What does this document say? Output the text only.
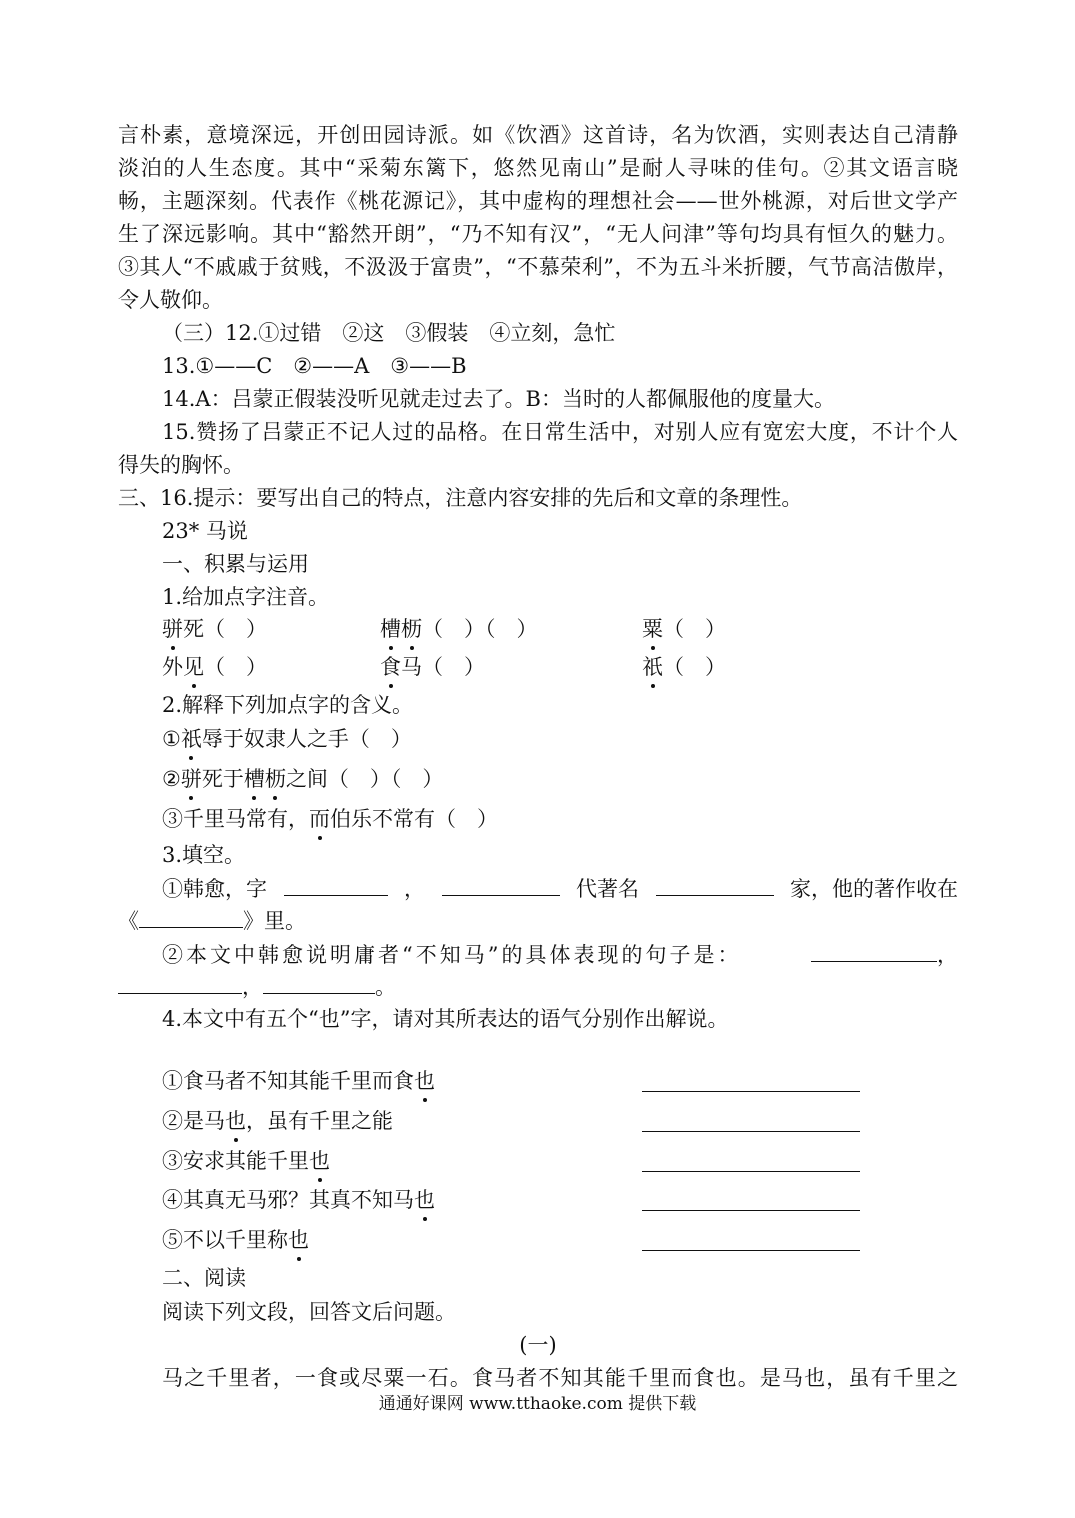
言朴素，意境深远，开创田园诗派。如《饮酒》这首诗，名为饮酒，实则表达自己清静
淡泊的人生态度。其中“采菊东篱下，悠然见南山”是耐人寻味的佳句。②其文语言晓
畅，主题深刻。代表作《桃花源记》，其中虚构的理想社会——世外桃源，对后世文学产
生了深远影响。其中“豁然开朗”，“乃不知有汉”，“无人问津”等句均具有恒久的魅力。
③其人“不戚戚于贫贱，不汲汲于富贵”，“不慕荣利”，不为五斗米折腰，气节高洁傲岸，
令人敬仰。
（三）12.①过错　②这　③假装　④立刻，急忙
13.①——C　②——A　③——B
14.A：吕蒙正假装没听见就走过去了。B：当时的人都佩服他的度量大。
15.赞扬了吕蒙正不记人过的品格。在日常生活中，对别人应有宽宏大度，不计个人
得失的胸怀。
三、16.提示：要写出自己的特点，注意内容安排的先后和文章的条理性。
23* 马说
一、积累与运用
1.给加点字注音。
骈死（　）	槽枥（　）（　）	粟（　）
外见（　）	食马（　）	祇（　）
2.解释下列加点字的含义。
①祇辱于奴隶人之手（　）
②骈死于槽枥之间（　）（　）
③千里马常有，而伯乐不常有（　）
3.填空。
①韩愈，字	，	代著名	家，他的著作收在
《	》里。
②本文中韩愈说明庸者“不知马”的具体表现的句子是：	，
，	。
4.本文中有五个“也”字，请对其所表达的语气分别作出解说。
①食马者不知其能千里而食也
②是马也，虽有千里之能
③安求其能千里也
④其真无马邪？其真不知马也
⑤不以千里称也
二、阅读
阅读下列文段，回答文后问题。
(一)
马之千里者，一食或尽粟一石。食马者不知其能千里而食也。是马也，虽有千里之
通通好课网 www.tthaoke.com 提供下载
